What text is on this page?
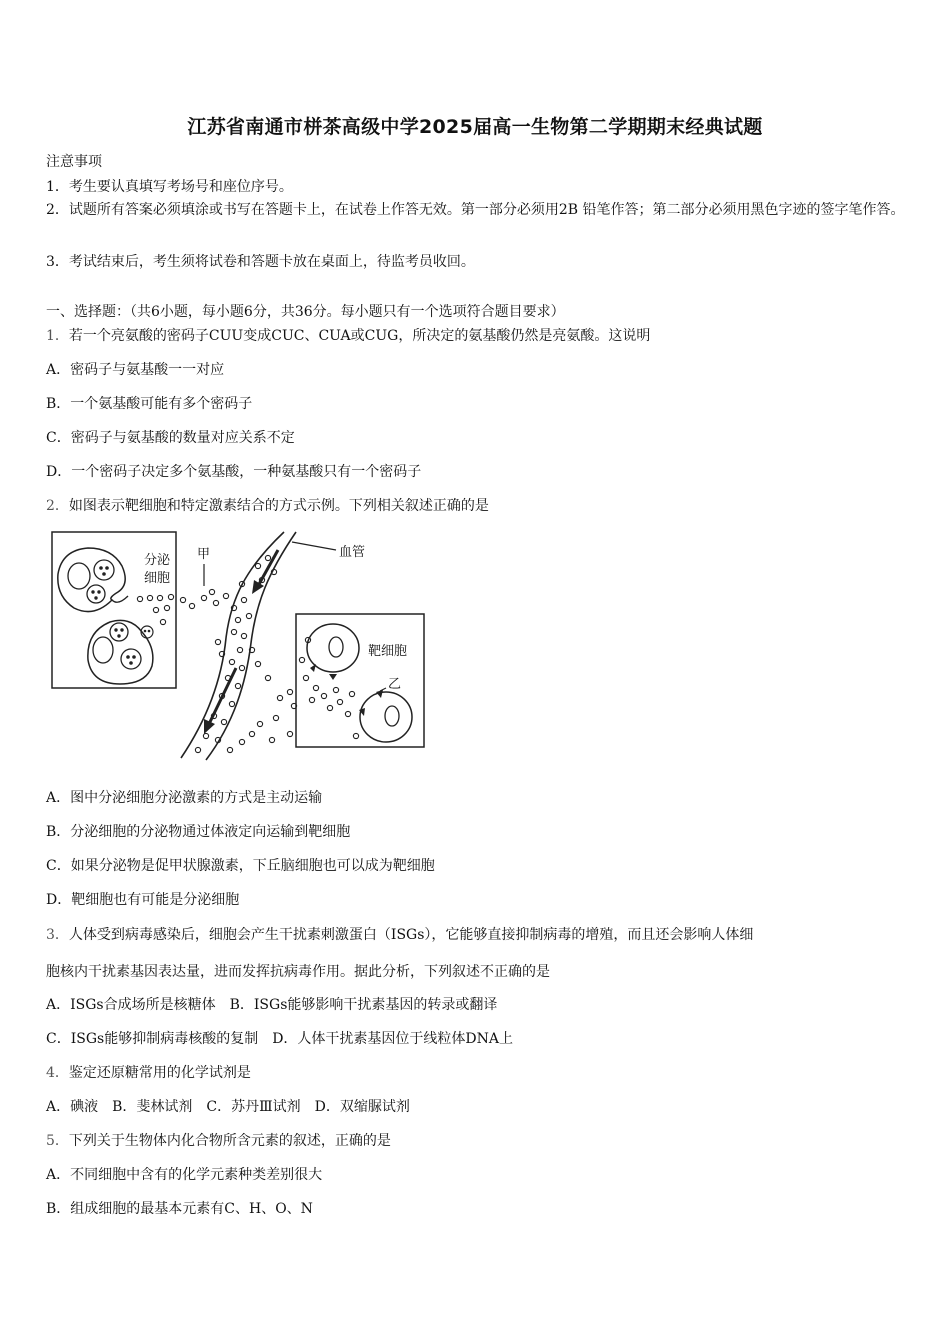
江苏省南通市栟茶高级中学2025届高一生物第二学期期末经典试题
注意事项
1．考生要认真填写考场号和座位序号。
2．试题所有答案必须填涂或书写在答题卡上，在试卷上作答无效。第一部分必须用2B 铅笔作答；第二部分必须用黑色字迹的签字笔作答。
3．考试结束后，考生须将试卷和答题卡放在桌面上，待监考员收回。
一、选择题：（共6小题，每小题6分，共36分。每小题只有一个选项符合题目要求）
1．若一个亮氨酸的密码子CUU变成CUC、CUA或CUG，所决定的氨基酸仍然是亮氨酸。这说明
A．密码子与氨基酸一一对应
B．一个氨基酸可能有多个密码子
C．密码子与氨基酸的数量对应关系不定
D．一个密码子决定多个氨基酸，一种氨基酸只有一个密码子
2．如图表示靶细胞和特定激素结合的方式示例。下列相关叙述正确的是
分泌
细胞
甲	血管
靶细胞
乙
A．图中分泌细胞分泌激素的方式是主动运输
B．分泌细胞的分泌物通过体液定向运输到靶细胞
C．如果分泌物是促甲状腺激素，下丘脑细胞也可以成为靶细胞
D．靶细胞也有可能是分泌细胞
3．人体受到病毒感染后，细胞会产生干扰素刺激蛋白（ISGs），它能够直接抑制病毒的增殖，而且还会影响人体细
胞核内干扰素基因表达量，进而发挥抗病毒作用。据此分析，下列叙述不正确的是
A．ISGs合成场所是核糖体　B．ISGs能够影响干扰素基因的转录或翻译
C．ISGs能够抑制病毒核酸的复制　D．人体干扰素基因位于线粒体DNA上
4．鉴定还原糖常用的化学试剂是
A．碘液　B．斐林试剂　C．苏丹Ⅲ试剂　D．双缩脲试剂
5．下列关于生物体内化合物所含元素的叙述，正确的是
A．不同细胞中含有的化学元素种类差别很大
B．组成细胞的最基本元素有C、H、O、N
